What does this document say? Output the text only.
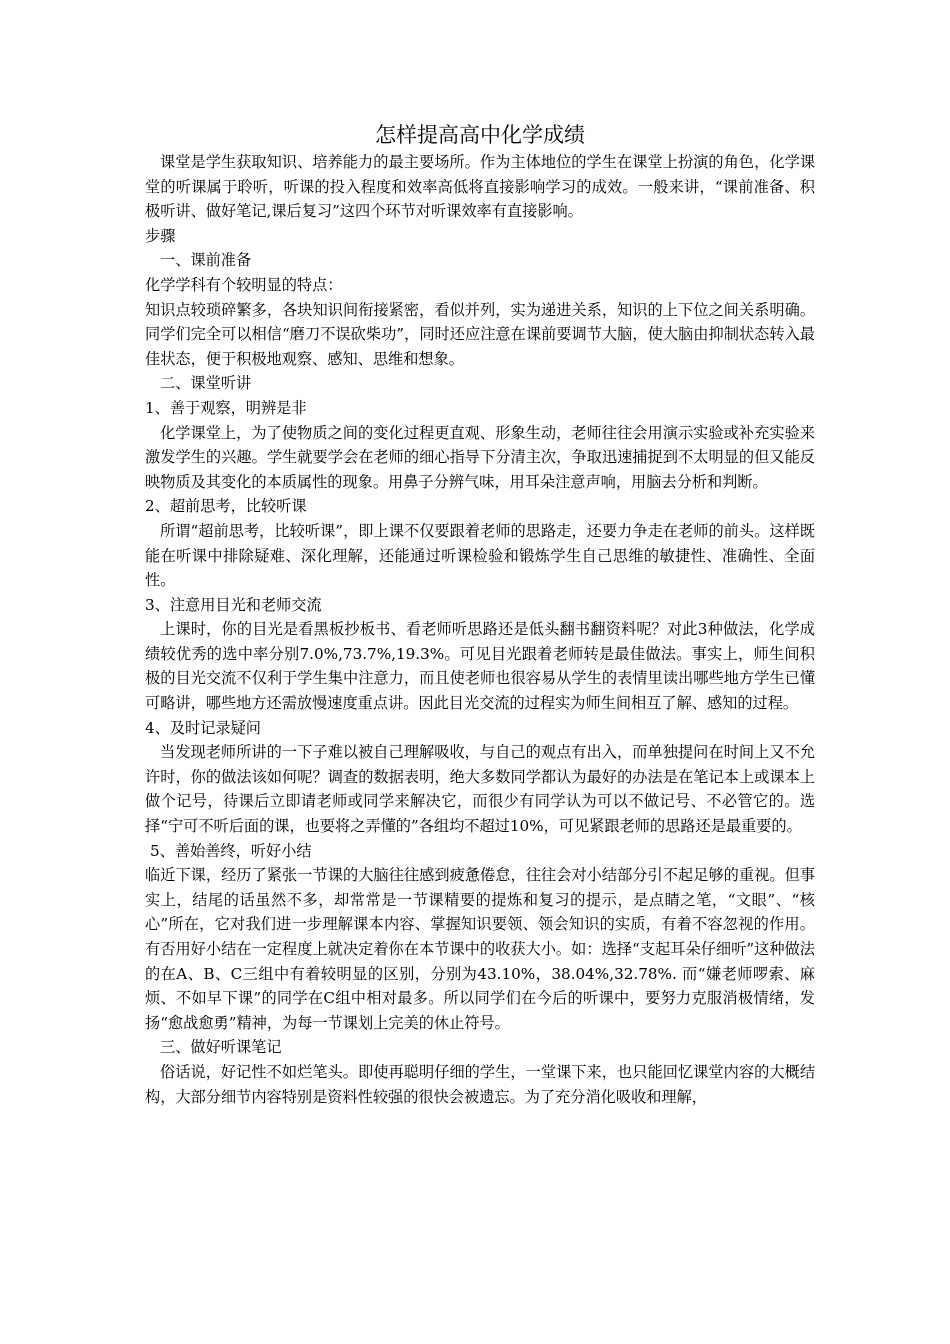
怎样提高高中化学成绩

课堂是学生获取知识、培养能力的最主要场所。作为主体地位的学生在课堂上扮演的角色，化学课堂的听课属于聆听，听课的投入程度和效率高低将直接影响学习的成效。一般来讲，“课前准备、积极听讲、做好笔记,课后复习”这四个环节对听课效率有直接影响。

步骤

一、课前准备

化学学科有个较明显的特点：

知识点较琐碎繁多，各块知识间衔接紧密，看似并列，实为递进关系，知识的上下位之间关系明确。同学们完全可以相信“磨刀不误砍柴功”，同时还应注意在课前要调节大脑，使大脑由抑制状态转入最佳状态，便于积极地观察、感知、思维和想象。

二、课堂听讲

1、善于观察，明辨是非

化学课堂上，为了使物质之间的变化过程更直观、形象生动，老师往往会用演示实验或补充实验来激发学生的兴趣。学生就要学会在老师的细心指导下分清主次，争取迅速捕捉到不太明显的但又能反映物质及其变化的本质属性的现象。用鼻子分辨气味，用耳朵注意声响，用脑去分析和判断。

2、超前思考，比较听课

所谓“超前思考，比较听课”，即上课不仅要跟着老师的思路走，还要力争走在老师的前头。这样既能在听课中排除疑难、深化理解，还能通过听课检验和锻炼学生自己思维的敏捷性、准确性、全面性。

3、注意用目光和老师交流

上课时，你的目光是看黑板抄板书、看老师听思路还是低头翻书翻资料呢？对此3种做法，化学成绩较优秀的选中率分别7.0%,73.7%,19.3%。可见目光跟着老师转是最佳做法。事实上，师生间积极的目光交流不仅利于学生集中注意力，而且使老师也很容易从学生的表情里读出哪些地方学生已懂可略讲，哪些地方还需放慢速度重点讲。因此目光交流的过程实为师生间相互了解、感知的过程。

4、及时记录疑问

当发现老师所讲的一下子难以被自己理解吸收，与自己的观点有出入，而单独提问在时间上又不允许时，你的做法该如何呢？调查的数据表明，绝大多数同学都认为最好的办法是在笔记本上或课本上做个记号，待课后立即请老师或同学来解决它，而很少有同学认为可以不做记号、不必管它的。选择“宁可不听后面的课，也要将之弄懂的”各组均不超过10%，可见紧跟老师的思路还是最重要的。

5、善始善终，听好小结

临近下课，经历了紧张一节课的大脑往往感到疲惫倦怠，往往会对小结部分引不起足够的重视。但事实上，结尾的话虽然不多，却常常是一节课精要的提炼和复习的提示，是点睛之笔，“文眼”、“核心”所在，它对我们进一步理解课本内容、掌握知识要领、领会知识的实质，有着不容忽视的作用。有否用好小结在一定程度上就决定着你在本节课中的收获大小。如：选择“支起耳朵仔细听”这种做法的在A、B、C三组中有着较明显的区别，分别为43.10%，38.04%,32.78%. 而“嫌老师啰索、麻烦、不如早下课”的同学在C组中相对最多。所以同学们在今后的听课中，要努力克服消极情绪，发扬“愈战愈勇”精神，为每一节课划上完美的休止符号。

三、做好听课笔记

俗话说，好记性不如烂笔头。即使再聪明仔细的学生，一堂课下来，也只能回忆课堂内容的大概结构，大部分细节内容特别是资料性较强的很快会被遗忘。为了充分消化吸收和理解，
